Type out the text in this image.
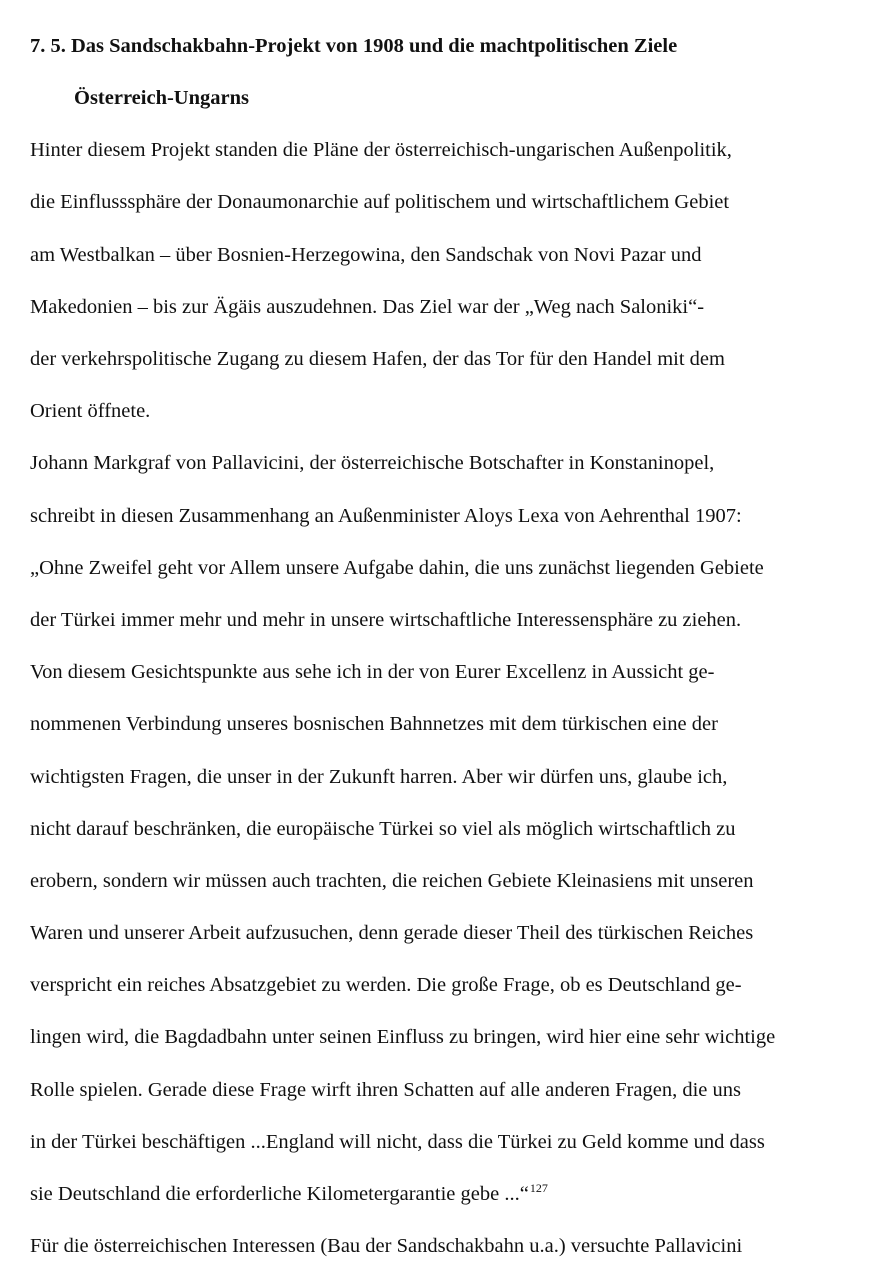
7. 5. Das Sandschakbahn-Projekt von 1908 und die machtpolitischen Ziele
Österreich-Ungarns
Hinter diesem Projekt standen die Pläne der österreichisch-ungarischen Außenpolitik,
die Einflusssphäre der Donaumonarchie auf politischem und wirtschaftlichem Gebiet
am Westbalkan – über Bosnien-Herzegowina, den Sandschak von Novi Pazar und
Makedonien – bis zur Ägäis auszudehnen. Das Ziel war der „Weg nach Saloniki“-
der verkehrspolitische Zugang zu diesem Hafen, der das Tor für den Handel mit dem
Orient öffnete.
Johann Markgraf von Pallavicini, der österreichische Botschafter in Konstaninopel,
schreibt in diesen Zusammenhang an Außenminister Aloys Lexa von Aehrenthal 1907:
„Ohne Zweifel geht vor Allem unsere Aufgabe dahin, die uns zunächst liegenden Gebiete
der Türkei immer mehr und mehr in unsere wirtschaftliche Interessensphäre zu ziehen.
Von diesem Gesichtspunkte aus sehe ich in der von Eurer Excellenz in Aussicht ge-
nommenen Verbindung unseres bosnischen Bahnnetzes mit dem türkischen eine der
wichtigsten Fragen, die unser in der Zukunft harren. Aber wir dürfen uns, glaube ich,
nicht darauf beschränken, die europäische Türkei so viel als möglich wirtschaftlich zu
erobern, sondern wir müssen auch trachten, die reichen Gebiete Kleinasiens mit unseren
Waren und unserer Arbeit aufzusuchen, denn gerade dieser Theil des türkischen Reiches
verspricht ein reiches Absatzgebiet zu werden. Die große Frage, ob es Deutschland ge-
lingen wird, die Bagdadbahn unter seinen Einfluss zu bringen, wird hier eine sehr wichtige
Rolle spielen. Gerade diese Frage wirft ihren Schatten auf alle anderen Fragen, die uns
in der Türkei beschäftigen ...England will nicht, dass die Türkei zu Geld komme und dass
sie Deutschland die erforderliche Kilometergarantie gebe ...“$^{127}$
Für die österreichischen Interessen (Bau der Sandschakbahn u.a.) versuchte Pallavicini
